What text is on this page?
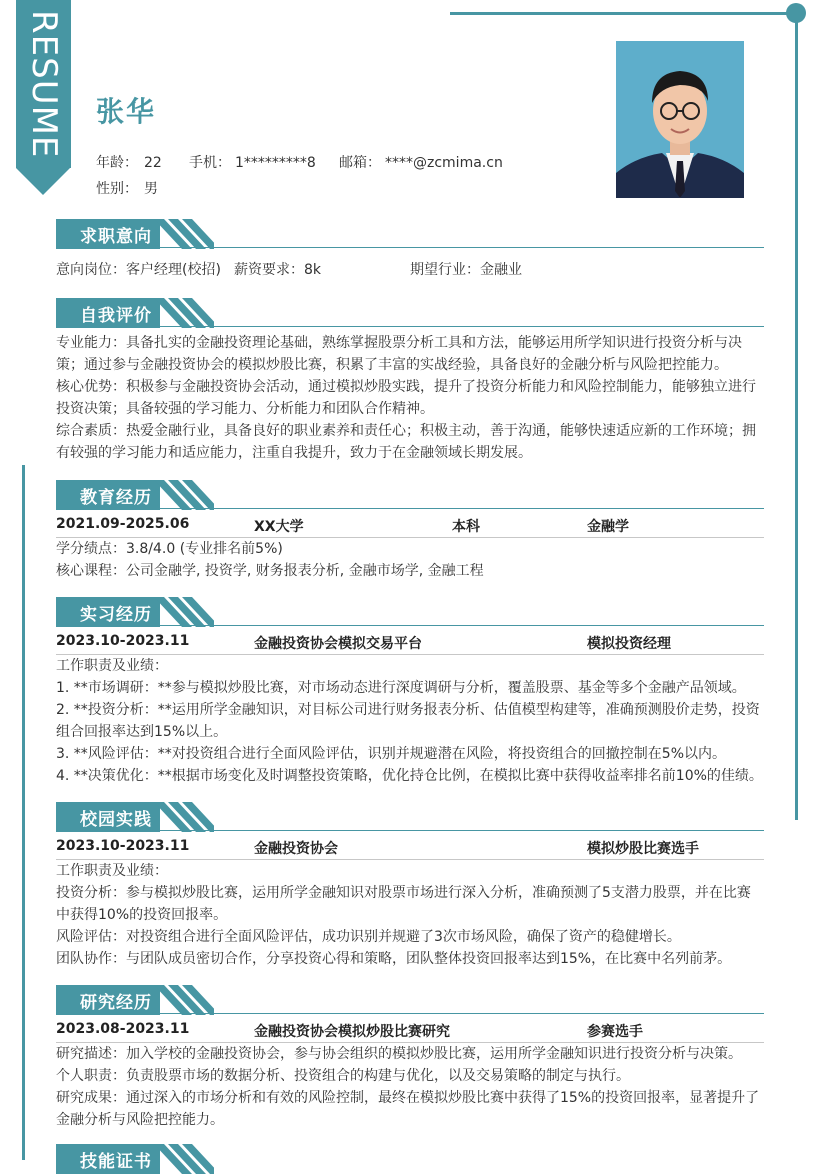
RESUME 张华
年龄： 22 手机： 1*********8 邮箱： ****@zcmima.cn
性别： 男
求职意向
意向岗位：客户经理(校招) 薪资要求：8k	期望行业：金融业
自我评价
专业能力：具备扎实的金融投资理论基础，熟练掌握股票分析工具和方法，能够运用所学知识进行投资分析与决
策；通过参与金融投资协会的模拟炒股比赛，积累了丰富的实战经验，具备良好的金融分析与风险把控能力。
核心优势：积极参与金融投资协会活动，通过模拟炒股实践，提升了投资分析能力和风险控制能力，能够独立进行
投资决策；具备较强的学习能力、分析能力和团队合作精神。
综合素质：热爱金融行业，具备良好的职业素养和责任心；积极主动，善于沟通，能够快速适应新的工作环境；拥
有较强的学习能力和适应能力，注重自我提升，致力于在金融领域长期发展。
教育经历
2021.09-2025.06	XX大学	本科	金融学
学分绩点：3.8/4.0 (专业排名前5%)
核心课程：公司金融学, 投资学, 财务报表分析, 金融市场学, 金融工程
实习经历
2023.10-2023.11	金融投资协会模拟交易平台	模拟投资经理
工作职责及业绩：
1. **市场调研：**参与模拟炒股比赛，对市场动态进行深度调研与分析，覆盖股票、基金等多个金融产品领域。
2. **投资分析：**运用所学金融知识，对目标公司进行财务报表分析、估值模型构建等，准确预测股价走势，投资
组合回报率达到15%以上。
3. **风险评估：**对投资组合进行全面风险评估，识别并规避潜在风险，将投资组合的回撤控制在5%以内。
4. **决策优化：**根据市场变化及时调整投资策略，优化持仓比例，在模拟比赛中获得收益率排名前10%的佳绩。
校园实践
2023.10-2023.11	金融投资协会	模拟炒股比赛选手
工作职责及业绩：
投资分析：参与模拟炒股比赛，运用所学金融知识对股票市场进行深入分析，准确预测了5支潜力股票，并在比赛
中获得10%的投资回报率。
风险评估：对投资组合进行全面风险评估，成功识别并规避了3次市场风险，确保了资产的稳健增长。
团队协作：与团队成员密切合作，分享投资心得和策略，团队整体投资回报率达到15%，在比赛中名列前茅。
研究经历
2023.08-2023.11	金融投资协会模拟炒股比赛研究	参赛选手
研究描述：加入学校的金融投资协会，参与协会组织的模拟炒股比赛，运用所学金融知识进行投资分析与决策。
个人职责：负责股票市场的数据分析、投资组合的构建与优化，以及交易策略的制定与执行。
研究成果：通过深入的市场分析和有效的风险控制，最终在模拟炒股比赛中获得了15%的投资回报率，显著提升了
金融分析与风险把控能力。
技能证书
